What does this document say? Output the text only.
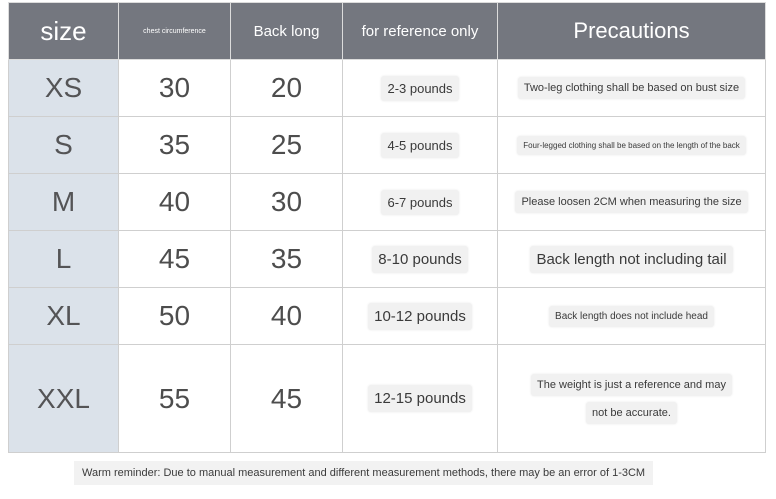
size	chest circumference	Back long	for reference only	Precautions
XS	30	20	2-3 pounds	Two-leg clothing shall be based on bust size
S	35	25	4-5 pounds	Four-legged clothing shall be based on the length of the back
M	40	30	6-7 pounds	Please loosen 2CM when measuring the size
L	45	35	8-10 pounds	Back length not including tail
XL	50	40	10-12 pounds	Back length does not include head
XXL	55	45	12-15 pounds	The weight is just a reference and may
not be accurate.
Warm reminder: Due to manual measurement and different measurement methods, there may be an error of 1-3CM
